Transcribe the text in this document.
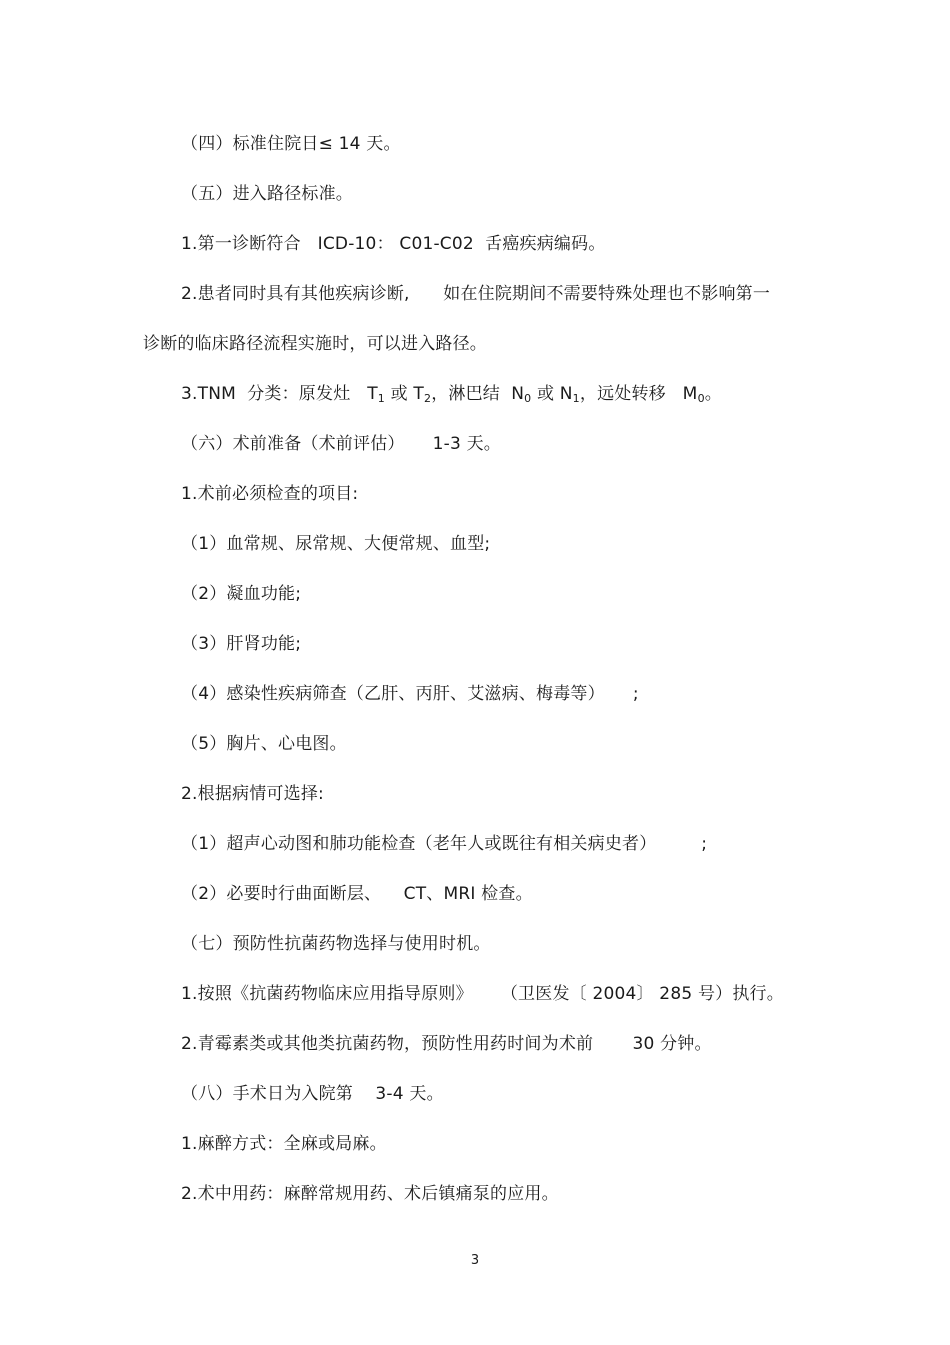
（四）标准住院日≤ 14 天。
（五）进入路径标准。
1.第一诊断符合   ICD-10： C01-C02  舌癌疾病编码。
2.患者同时具有其他疾病诊断,      如在住院期间不需要特殊处理也不影响第一
诊断的临床路径流程实施时，可以进入路径。
3.TNM  分类：原发灶   $T_1$ 或 $T_2$，淋巴结  $N_0$ 或 $N_1$，远处转移   $M_0$。
（六）术前准备（术前评估）     1-3 天。
1.术前必须检查的项目:
（1）血常规、尿常规、大便常规、血型;
（2）凝血功能;
（3）肝肾功能;
（4）感染性疾病筛查（乙肝、丙肝、艾滋病、梅毒等）     ;
（5）胸片、心电图。
2.根据病情可选择:
（1）超声心动图和肺功能检查（老年人或既往有相关病史者）        ;
（2）必要时行曲面断层、    CT、MRI 检查。
（七）预防性抗菌药物选择与使用时机。
1.按照《抗菌药物临床应用指导原则》     （卫医发〔 2004〕 285 号）执行。
2.青霉素类或其他类抗菌药物，预防性用药时间为术前       30 分钟。
（八）手术日为入院第    3-4 天。
1.麻醉方式：全麻或局麻。
2.术中用药：麻醉常规用药、术后镇痛泵的应用。
3
